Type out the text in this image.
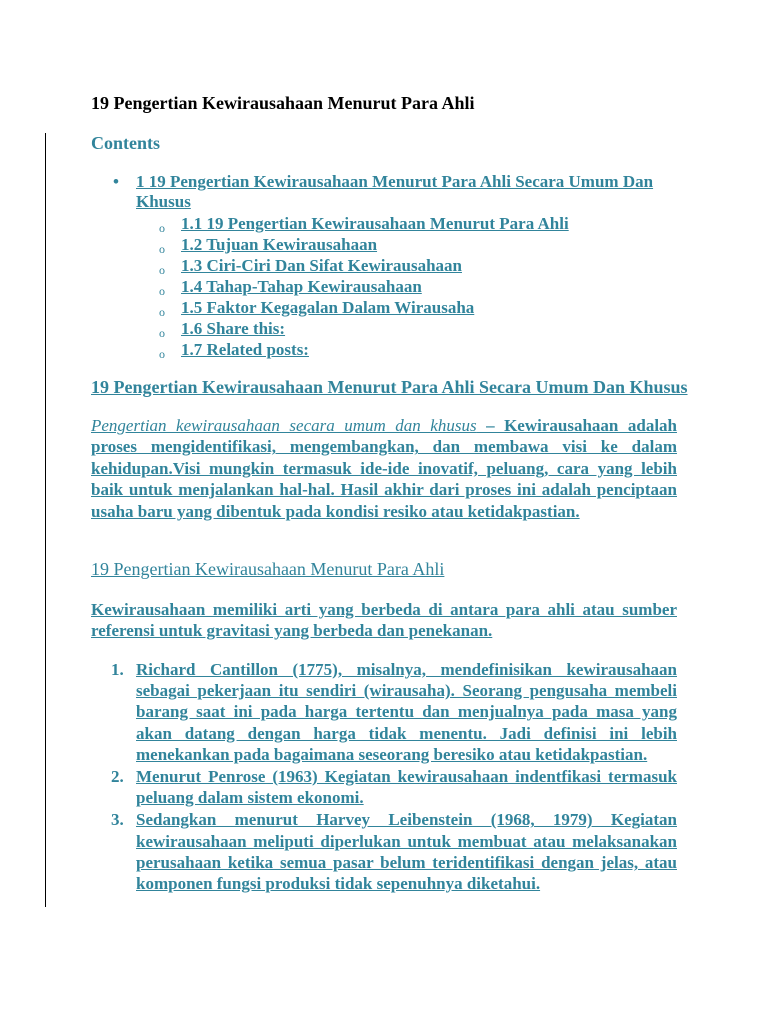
19 Pengertian Kewirausahaan Menurut Para Ahli
Contents
• 1 19 Pengertian Kewirausahaan Menurut Para Ahli Secara Umum Dan Khusus
o 1.1 19 Pengertian Kewirausahaan Menurut Para Ahli
o 1.2 Tujuan Kewirausahaan
o 1.3 Ciri-Ciri Dan Sifat Kewirausahaan
o 1.4 Tahap-Tahap Kewirausahaan
o 1.5 Faktor Kegagalan Dalam Wirausaha
o 1.6 Share this:
o 1.7 Related posts:
19 Pengertian Kewirausahaan Menurut Para Ahli Secara Umum Dan Khusus
Pengertian kewirausahaan secara umum dan khusus – Kewirausahaan adalah proses mengidentifikasi, mengembangkan, dan membawa visi ke dalam kehidupan.Visi mungkin termasuk ide-ide inovatif, peluang, cara yang lebih baik untuk menjalankan hal-hal. Hasil akhir dari proses ini adalah penciptaan usaha baru yang dibentuk pada kondisi resiko atau ketidakpastian.
19 Pengertian Kewirausahaan Menurut Para Ahli
Kewirausahaan memiliki arti yang berbeda di antara para ahli atau sumber referensi untuk gravitasi yang berbeda dan penekanan.
1. Richard Cantillon (1775), misalnya, mendefinisikan kewirausahaan sebagai pekerjaan itu sendiri (wirausaha). Seorang pengusaha membeli barang saat ini pada harga tertentu dan menjualnya pada masa yang akan datang dengan harga tidak menentu. Jadi definisi ini lebih menekankan pada bagaimana seseorang beresiko atau ketidakpastian.
2. Menurut Penrose (1963) Kegiatan kewirausahaan indentfikasi termasuk peluang dalam sistem ekonomi.
3. Sedangkan menurut Harvey Leibenstein (1968, 1979) Kegiatan kewirausahaan meliputi diperlukan untuk membuat atau melaksanakan perusahaan ketika semua pasar belum teridentifikasi dengan jelas, atau komponen fungsi produksi tidak sepenuhnya diketahui.
